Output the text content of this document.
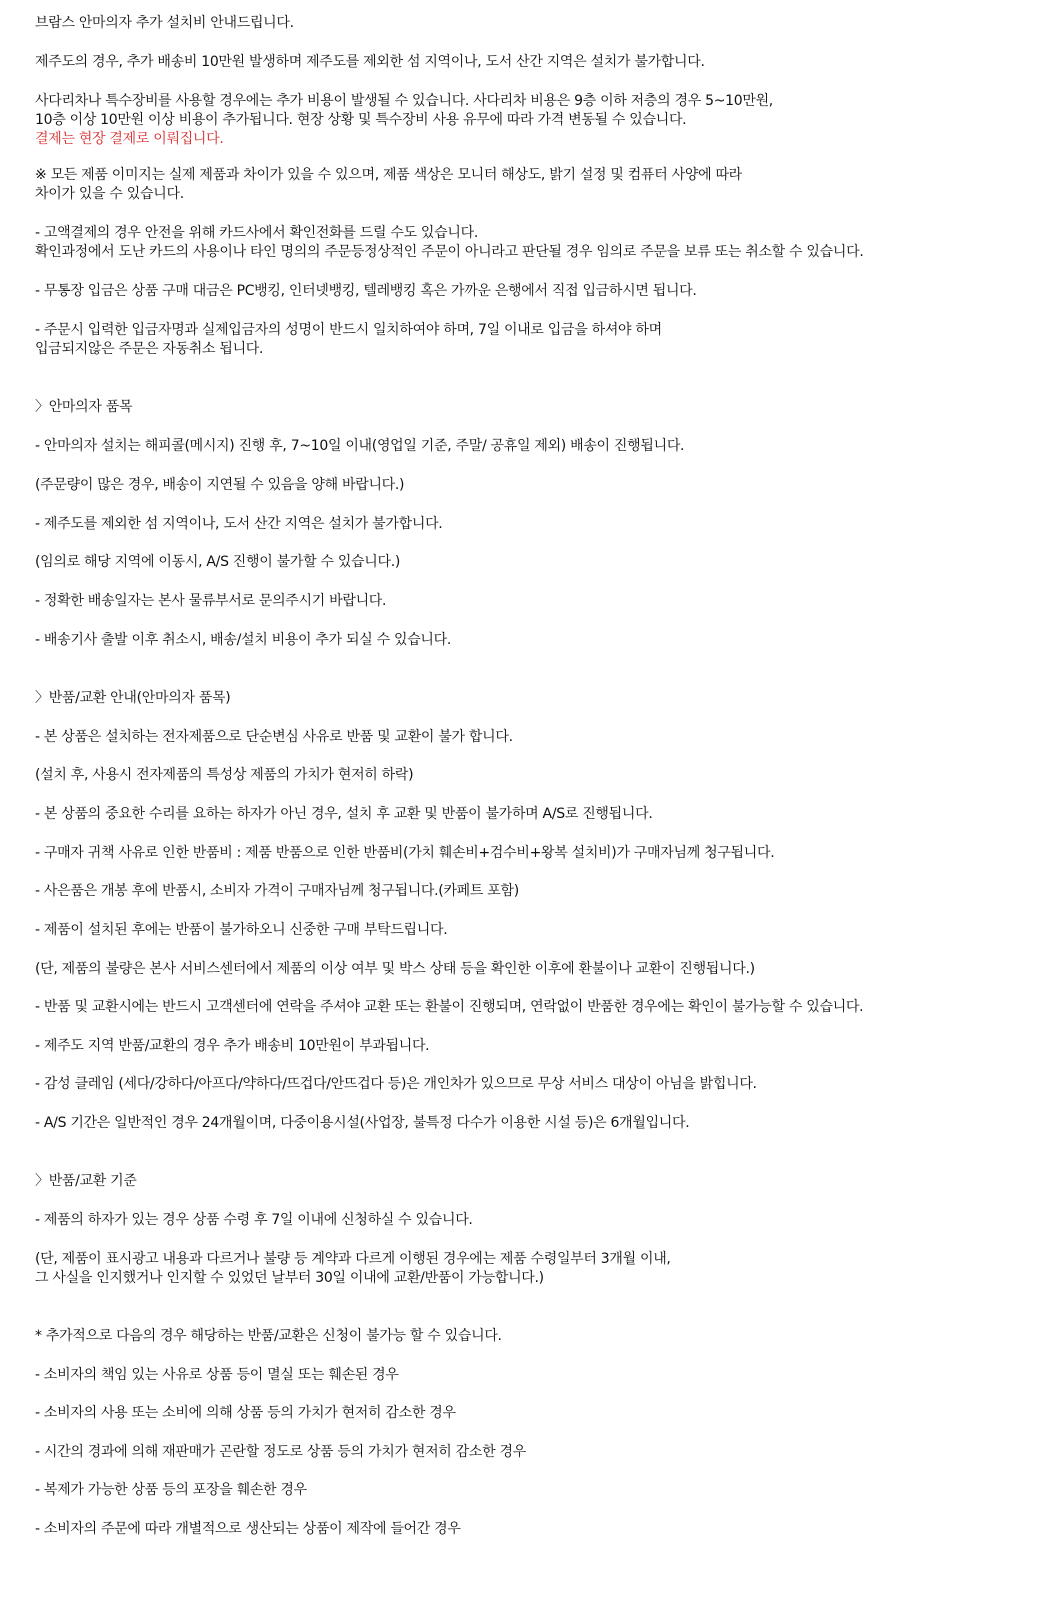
브람스 안마의자 추가 설치비 안내드립니다.
제주도의 경우, 추가 배송비 10만원 발생하며 제주도를 제외한 섬 지역이나, 도서 산간 지역은 설치가 불가합니다.
사다리차나 특수장비를 사용할 경우에는 추가 비용이 발생될 수 있습니다. 사다리차 비용은 9층 이하 저층의 경우 5~10만원,
10층 이상 10만원 이상 비용이 추가됩니다. 현장 상황 및 특수장비 사용 유무에 따라 가격 변동될 수 있습니다.
결제는 현장 결제로 이뤄집니다.
※ 모든 제품 이미지는 실제 제품과 차이가 있을 수 있으며, 제품 색상은 모니터 해상도, 밝기 설정 및 컴퓨터 사양에 따라
차이가 있을 수 있습니다.
- 고액결제의 경우 안전을 위해 카드사에서 확인전화를 드릴 수도 있습니다.
확인과정에서 도난 카드의 사용이나 타인 명의의 주문등정상적인 주문이 아니라고 판단될 경우 임의로 주문을 보류 또는 취소할 수 있습니다.
- 무통장 입금은 상품 구매 대금은 PC뱅킹, 인터넷뱅킹, 텔레뱅킹 혹은 가까운 은행에서 직접 입금하시면 됩니다.
- 주문시 입력한 입금자명과 실제입금자의 성명이 반드시 일치하여야 하며, 7일 이내로 입금을 하셔야 하며
입금되지않은 주문은 자동취소 됩니다.
〉안마의자 품목
- 안마의자 설치는 해피콜(메시지) 진행 후, 7~10일 이내(영업일 기준, 주말/ 공휴일 제외) 배송이 진행됩니다.
(주문량이 많은 경우, 배송이 지연될 수 있음을 양해 바랍니다.)
- 제주도를 제외한 섬 지역이나, 도서 산간 지역은 설치가 불가합니다.
(임의로 해당 지역에 이동시, A/S 진행이 불가할 수 있습니다.)
- 정확한 배송일자는 본사 물류부서로 문의주시기 바랍니다.
- 배송기사 출발 이후 취소시, 배송/설치 비용이 추가 되실 수 있습니다.
〉반품/교환 안내(안마의자 품목)
- 본 상품은 설치하는 전자제품으로 단순변심 사유로 반품 및 교환이 불가 합니다.
(설치 후, 사용시 전자제품의 특성상 제품의 가치가 현저히 하락)
- 본 상품의 중요한 수리를 요하는 하자가 아닌 경우, 설치 후 교환 및 반품이 불가하며 A/S로 진행됩니다.
- 구매자 귀책 사유로 인한 반품비 : 제품 반품으로 인한 반품비(가치 훼손비+검수비+왕복 설치비)가 구매자님께 청구됩니다.
- 사은품은 개봉 후에 반품시, 소비자 가격이 구매자님께 청구됩니다.(카페트 포함)
- 제품이 설치된 후에는 반품이 불가하오니 신중한 구매 부탁드립니다.
(단, 제품의 불량은 본사 서비스센터에서 제품의 이상 여부 및 박스 상태 등을 확인한 이후에 환불이나 교환이 진행됩니다.)
- 반품 및 교환시에는 반드시 고객센터에 연락을 주셔야 교환 또는 환불이 진행되며, 연락없이 반품한 경우에는 확인이 불가능할 수 있습니다.
- 제주도 지역 반품/교환의 경우 추가 배송비 10만원이 부과됩니다.
- 감성 클레임 (세다/강하다/아프다/약하다/뜨겁다/안뜨겁다 등)은 개인차가 있으므로 무상 서비스 대상이 아님을 밝힙니다.
- A/S 기간은 일반적인 경우 24개월이며, 다중이용시설(사업장, 불특정 다수가 이용한 시설 등)은 6개월입니다.
〉반품/교환 기준
- 제품의 하자가 있는 경우 상품 수령 후 7일 이내에 신청하실 수 있습니다.
(단, 제품이 표시광고 내용과 다르거나 불량 등 계약과 다르게 이행된 경우에는 제품 수령일부터 3개월 이내,
그 사실을 인지했거나 인지할 수 있었던 날부터 30일 이내에 교환/반품이 가능합니다.)
* 추가적으로 다음의 경우 해당하는 반품/교환은 신청이 불가능 할 수 있습니다.
- 소비자의 책임 있는 사유로 상품 등이 멸실 또는 훼손된 경우
- 소비자의 사용 또는 소비에 의해 상품 등의 가치가 현저히 감소한 경우
- 시간의 경과에 의해 재판매가 곤란할 정도로 상품 등의 가치가 현저히 감소한 경우
- 복제가 가능한 상품 등의 포장을 훼손한 경우
- 소비자의 주문에 따라 개별적으로 생산되는 상품이 제작에 들어간 경우
